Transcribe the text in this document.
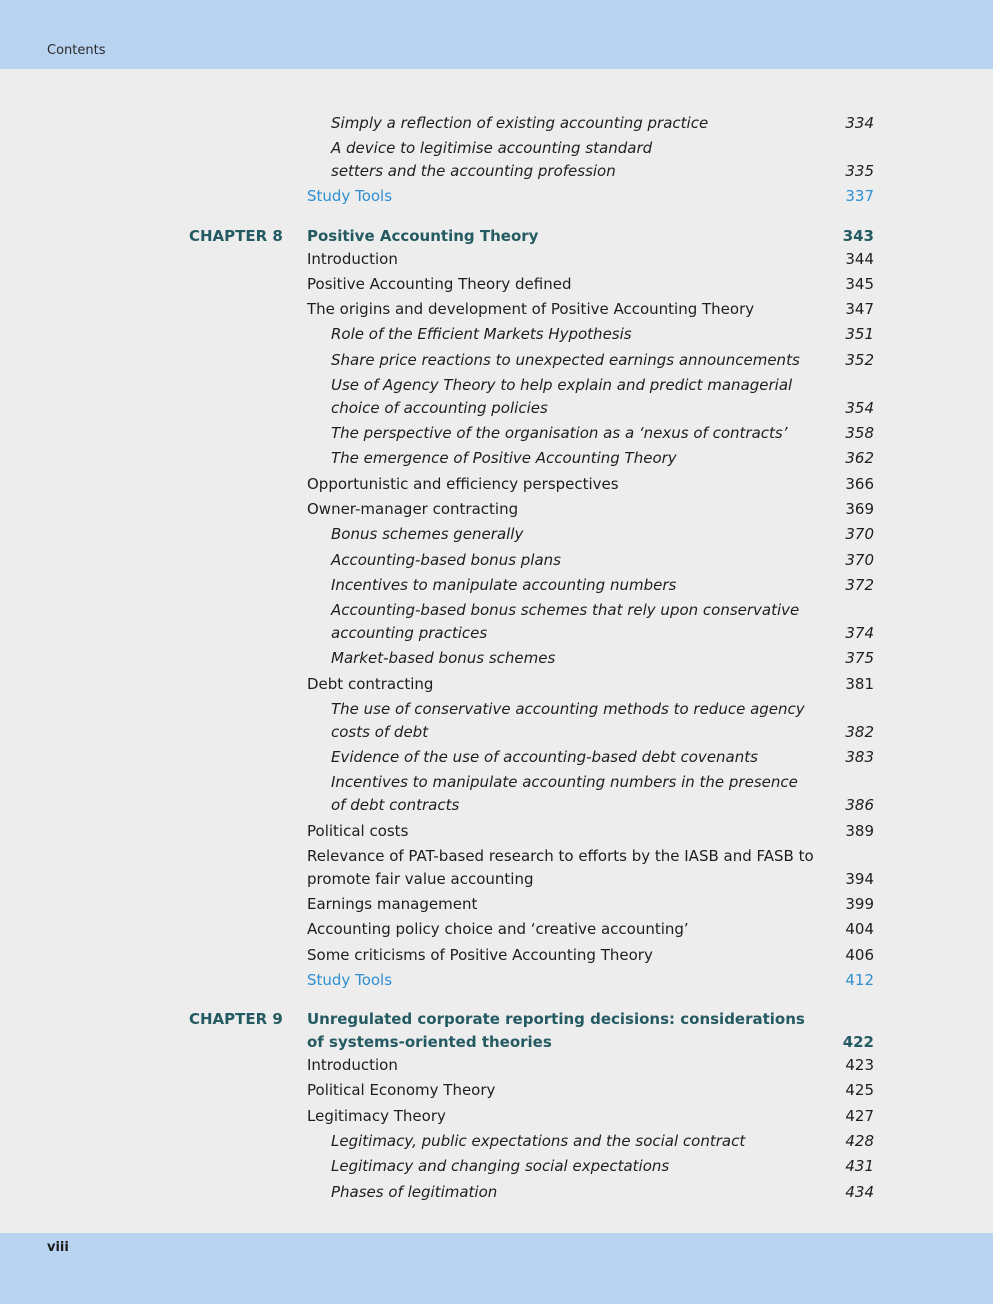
Contents
Simply a reflection of existing accounting practice	334
A device to legitimise accounting standard
setters and the accounting profession	335
Study Tools	337
CHAPTER 8 Positive Accounting Theory	343
Introduction	344
Positive Accounting Theory defined	345
The origins and development of Positive Accounting Theory	347
Role of the Efficient Markets Hypothesis	351
Share price reactions to unexpected earnings announcements	352
Use of Agency Theory to help explain and predict managerial
choice of accounting policies	354
The perspective of the organisation as a ‘nexus of contracts’	358
The emergence of Positive Accounting Theory	362
Opportunistic and efficiency perspectives	366
Owner-manager contracting	369
Bonus schemes generally	370
Accounting-based bonus plans	370
Incentives to manipulate accounting numbers	372
Accounting-based bonus schemes that rely upon conservative
accounting practices	374
Market-based bonus schemes	375
Debt contracting	381
The use of conservative accounting methods to reduce agency
costs of debt	382
Evidence of the use of accounting-based debt covenants	383
Incentives to manipulate accounting numbers in the presence
of debt contracts	386
Political costs	389
Relevance of PAT-based research to efforts by the IASB and FASB to
promote fair value accounting	394
Earnings management	399
Accounting policy choice and ‘creative accounting’	404
Some criticisms of Positive Accounting Theory	406
Study Tools	412
CHAPTER 9 Unregulated corporate reporting decisions: considerations
of systems-oriented theories	422
Introduction	423
Political Economy Theory	425
Legitimacy Theory	427
Legitimacy, public expectations and the social contract	428
Legitimacy and changing social expectations	431
Phases of legitimation	434
viii
